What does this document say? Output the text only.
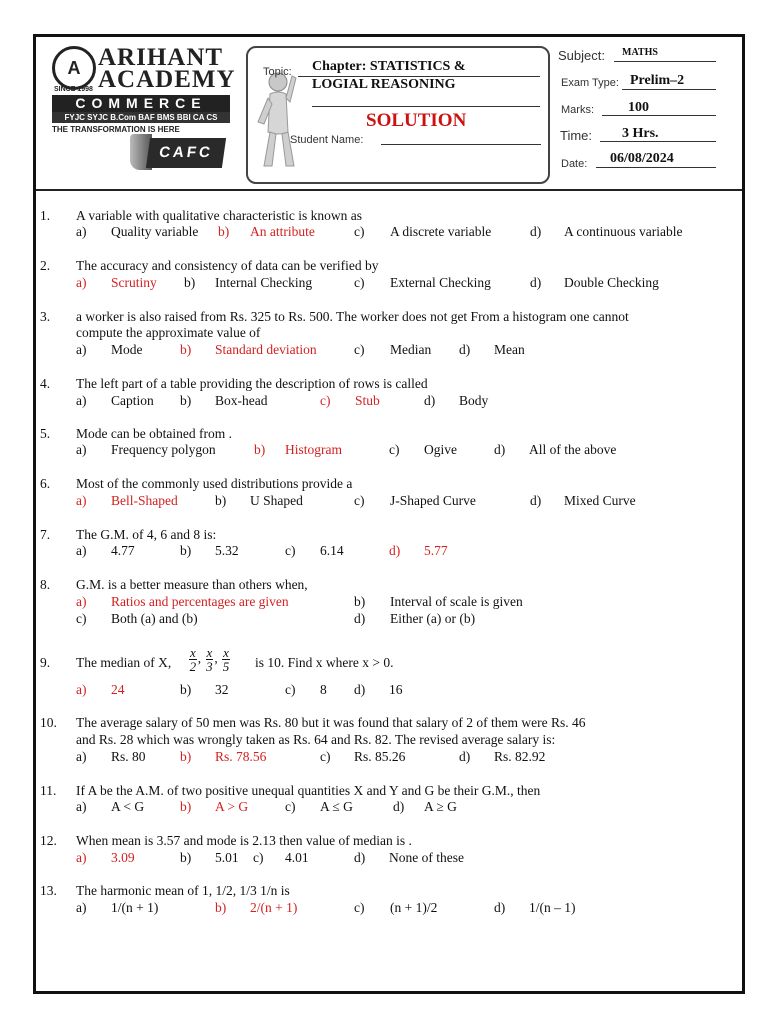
A ARIHANT
ACADEMY
SINCE 1998
COMMERCE
FYJC SYJC B.Com BAF BMS BBI CA CS
THE TRANSFORMATION IS HERE
CAFC
Topic: Chapter: STATISTICS &
LOGIAL REASONING
SOLUTION
Student Name:
Subject: MATHS
Exam Type: Prelim–2
Marks: 100
Time: 3 Hrs.
Date: 06/08/2024
1. A variable with qualitative characteristic is known as
a) Quality variable b) An attribute	c) A discrete variable	d) A continuous variable
2. The accuracy and consistency of data can be verified by
a) Scrutiny b) Internal Checking	c) External Checking	d) Double Checking
3. a worker is also raised from Rs. 325 to Rs. 500. The worker does not get From a histogram one cannot
compute the approximate value of
a) Mode	b) Standard deviation	c) Median d) Mean
4. The left part of a table providing the description of rows is called
a) Caption b) Box-head	c) Stub	d) Body
5. Mode can be obtained from .
a) Frequency polygon	b) Histogram	c) Ogive	d) All of the above
6. Most of the commonly used distributions provide a
a) Bell-Shaped	b) U Shaped	c) J-Shaped Curve	d) Mixed Curve
7. The G.M. of 4, 6 and 8 is:
a) 4.77	b) 5.32	c) 6.14	d) 5.77
8. G.M. is a better measure than others when,
a) Ratios and percentages are given	b) Interval of scale is given
c) Both (a) and (b)	d) Either (a) or (b)
9. The median of X, $\frac{x}{2}$ , $\frac{x}{3}$ , $\frac{x}{5}$ is 10. Find x where x > 0.
a) 24	b) 32	c) 8 d) 16
10. The average salary of 50 men was Rs. 80 but it was found that salary of 2 of them were Rs. 46
and Rs. 28 which was wrongly taken as Rs. 64 and Rs. 82. The revised average salary is:
a) Rs. 80	b) Rs. 78.56	c) Rs. 85.26	d) Rs. 82.92
11. If A be the A.M. of two positive unequal quantities X and Y and G be their G.M., then
a) A < G	b) A > G	c) A ≤ G	d) A ≥ G
12. When mean is 3.57 and mode is 2.13 then value of median is .
a) 3.09	b) 5.01 c) 4.01	d) None of these
13. The harmonic mean of 1, 1/2, 1/3 1/n is
a) 1/(n + 1)	b) 2/(n + 1)	c) (n + 1)/2	d) 1/(n – 1)
